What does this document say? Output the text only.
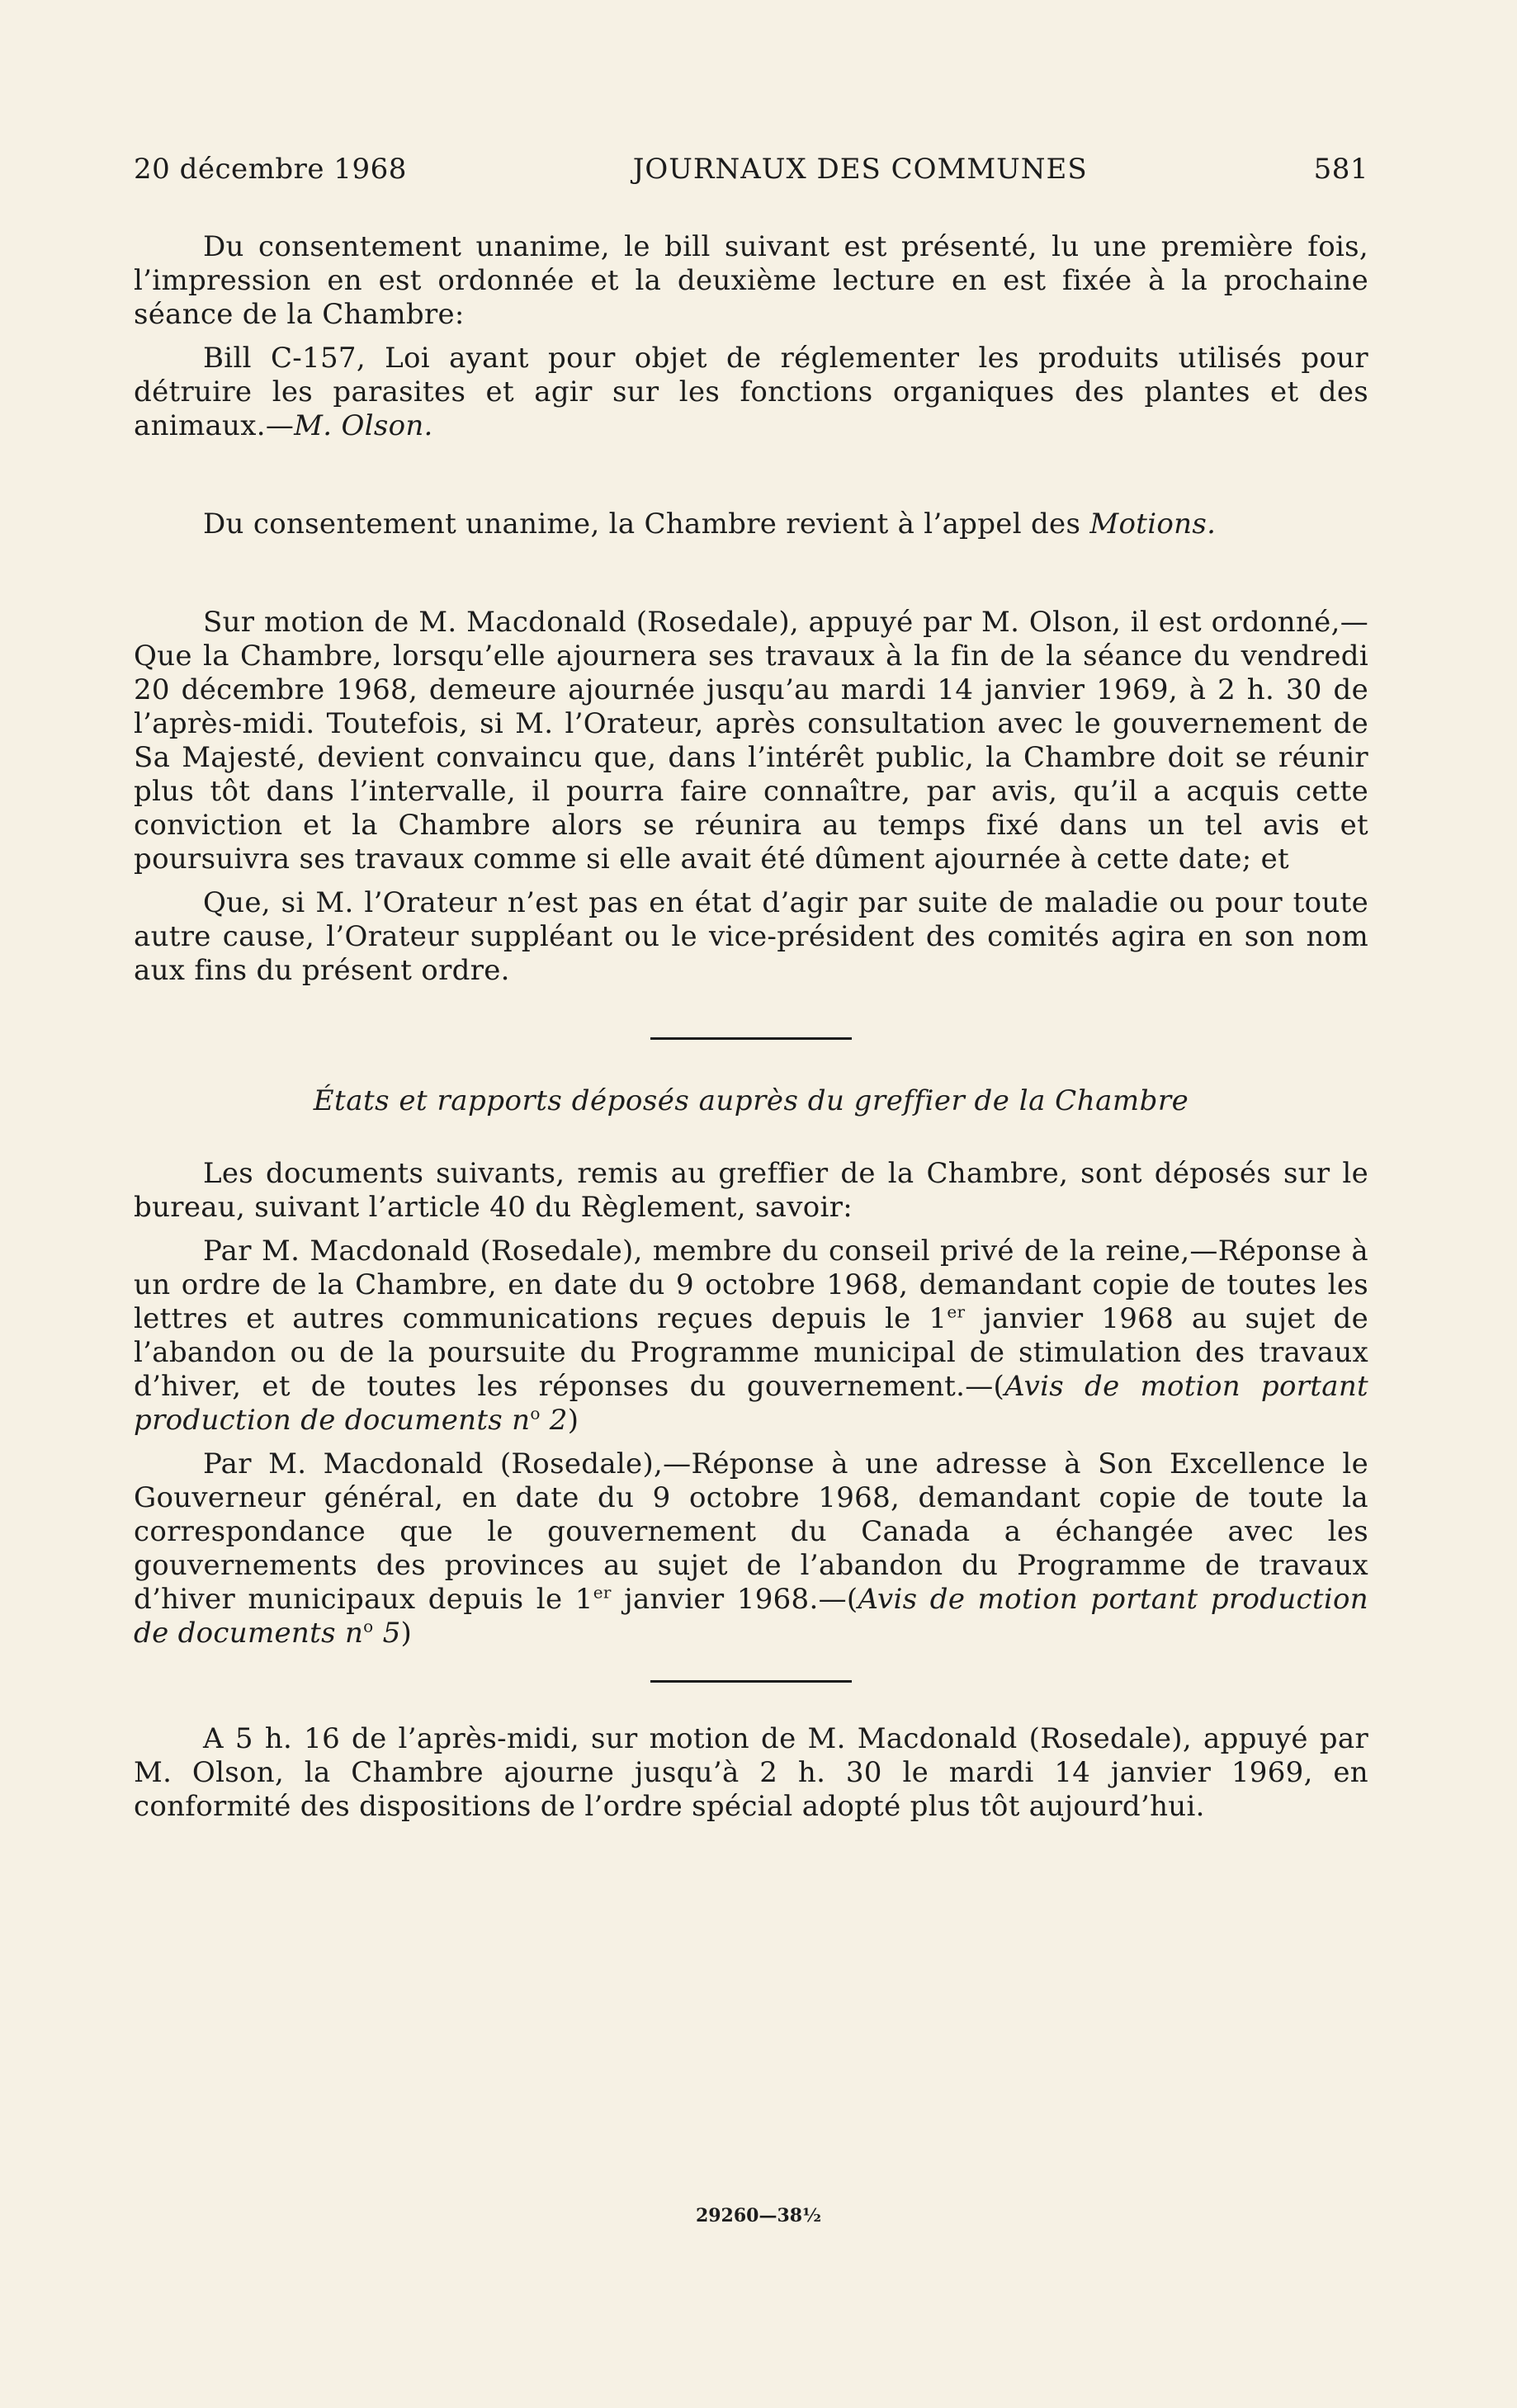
20 décembre 1968	JOURNAUX DES COMMUNES	581

Du consentement unanime, le bill suivant est présenté, lu une première fois, l’impression en est ordonnée et la deuxième lecture en est fixée à la prochaine séance de la Chambre:

Bill C-157, Loi ayant pour objet de réglementer les produits utilisés pour détruire les parasites et agir sur les fonctions organiques des plantes et des animaux.—M. Olson.

Du consentement unanime, la Chambre revient à l’appel des Motions.

Sur motion de M. Macdonald (Rosedale), appuyé par M. Olson, il est ordonné,—Que la Chambre, lorsqu’elle ajournera ses travaux à la fin de la séance du vendredi 20 décembre 1968, demeure ajournée jusqu’au mardi 14 janvier 1969, à 2 h. 30 de l’après-midi. Toutefois, si M. l’Orateur, après consultation avec le gouvernement de Sa Majesté, devient convaincu que, dans l’intérêt public, la Chambre doit se réunir plus tôt dans l’intervalle, il pourra faire connaître, par avis, qu’il a acquis cette conviction et la Chambre alors se réunira au temps fixé dans un tel avis et poursuivra ses travaux comme si elle avait été dûment ajournée à cette date; et

Que, si M. l’Orateur n’est pas en état d’agir par suite de maladie ou pour toute autre cause, l’Orateur suppléant ou le vice-président des comités agira en son nom aux fins du présent ordre.

États et rapports déposés auprès du greffier de la Chambre

Les documents suivants, remis au greffier de la Chambre, sont déposés sur le bureau, suivant l’article 40 du Règlement, savoir:

Par M. Macdonald (Rosedale), membre du conseil privé de la reine,—Réponse à un ordre de la Chambre, en date du 9 octobre 1968, demandant copie de toutes les lettres et autres communications reçues depuis le 1er janvier 1968 au sujet de l’abandon ou de la poursuite du Programme municipal de stimulation des travaux d’hiver, et de toutes les réponses du gouvernement.—(Avis de motion portant production de documents $n^o$ 2)

Par M. Macdonald (Rosedale),—Réponse à une adresse à Son Excellence le Gouverneur général, en date du 9 octobre 1968, demandant copie de toute la correspondance que le gouvernement du Canada a échangée avec les gouvernements des provinces au sujet de l’abandon du Programme de travaux d’hiver municipaux depuis le 1er janvier 1968.—(Avis de motion portant production de documents $n^o$ 5)

A 5 h. 16 de l’après-midi, sur motion de M. Macdonald (Rosedale), appuyé par M. Olson, la Chambre ajourne jusqu’à 2 h. 30 le mardi 14 janvier 1969, en conformité des dispositions de l’ordre spécial adopté plus tôt aujourd’hui.

29260—38½
